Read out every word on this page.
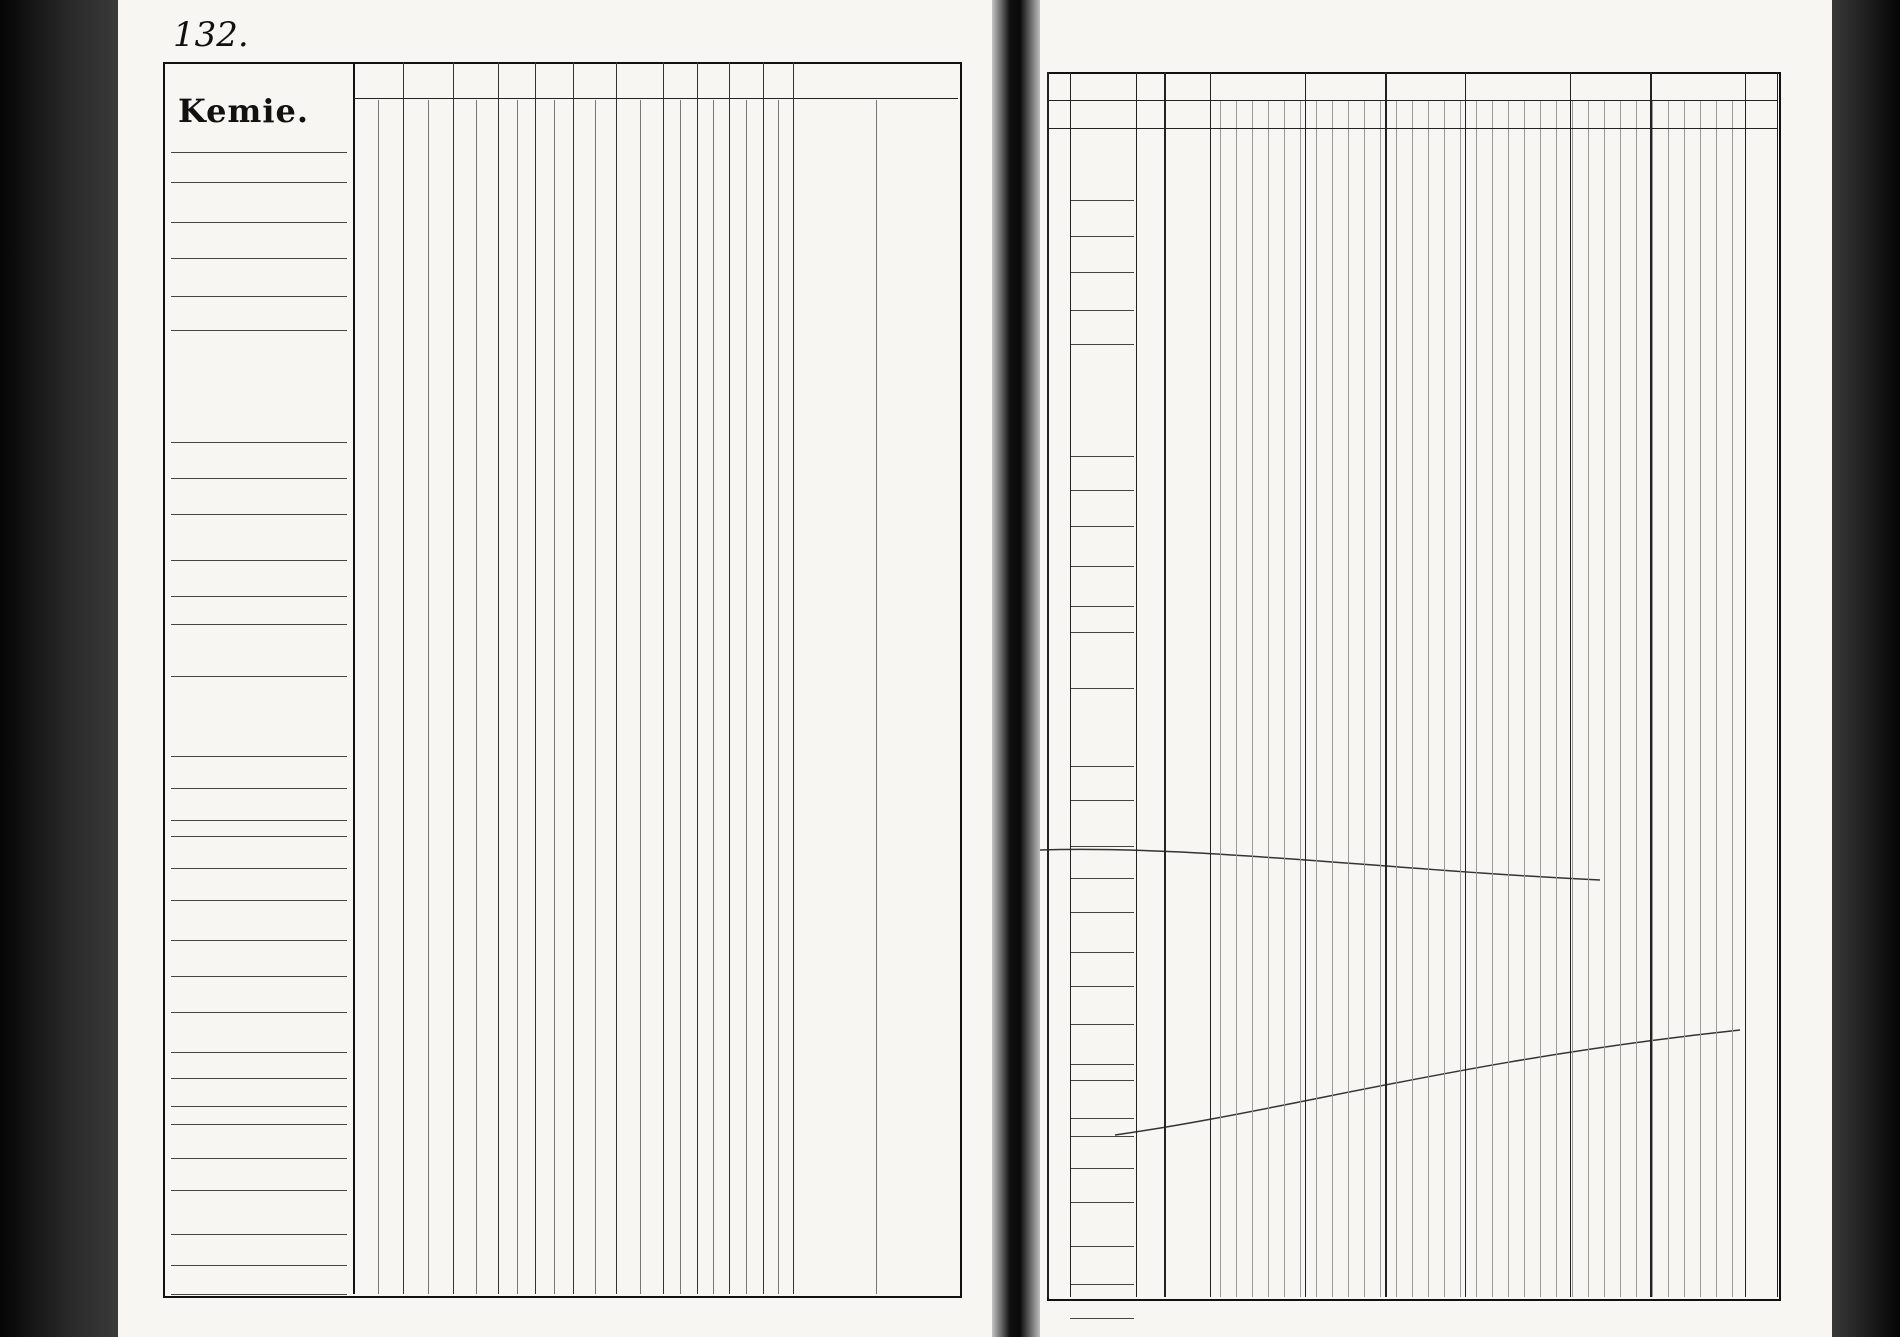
132.
Kemie.
